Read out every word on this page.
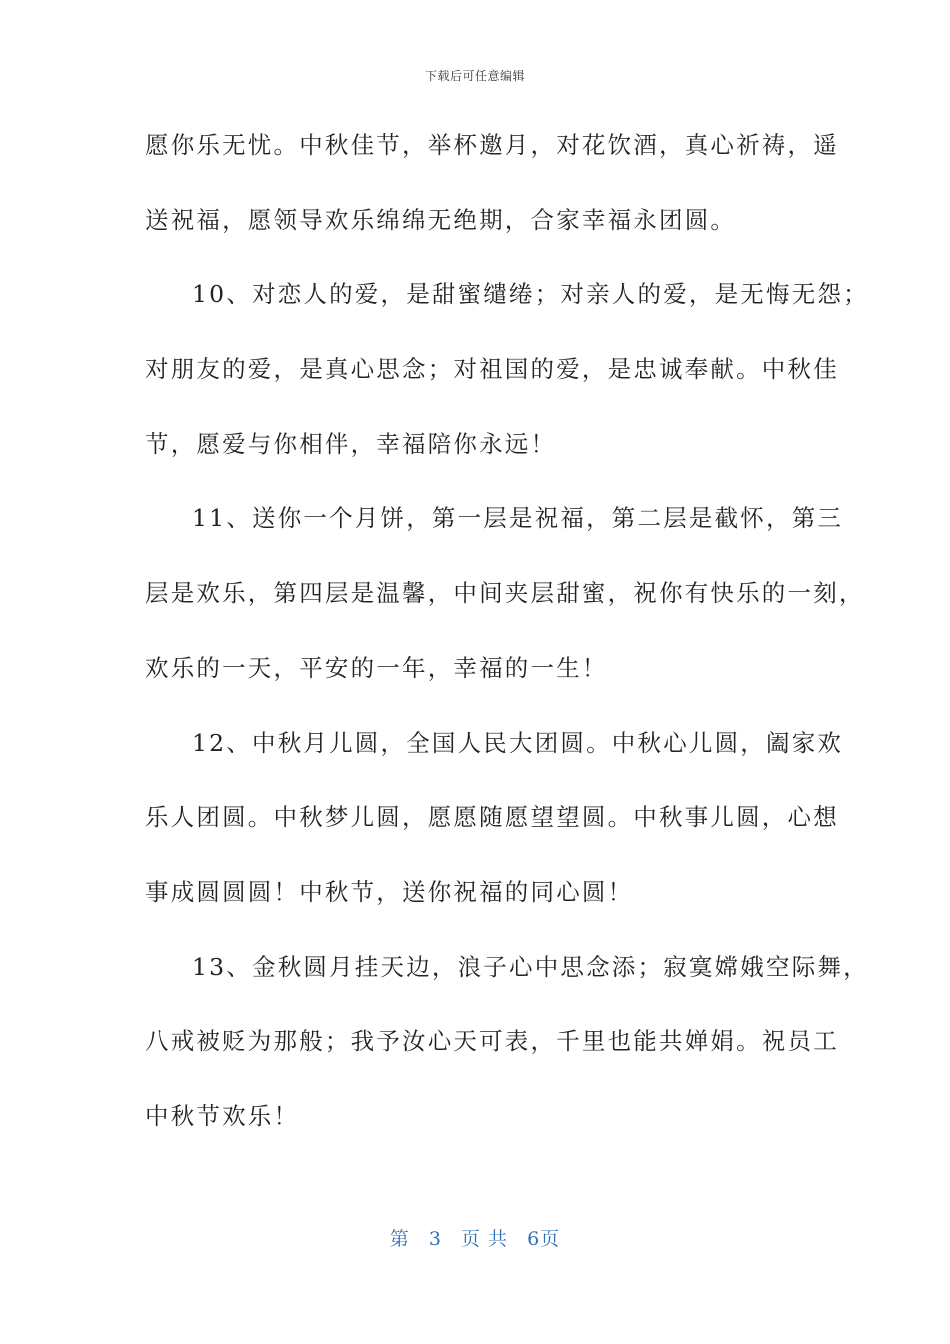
下载后可任意编辑
愿你乐无忧。中秋佳节，举杯邀月，对花饮酒，真心祈祷，遥
送祝福，愿领导欢乐绵绵无绝期，合家幸福永团圆。
10、对恋人的爱，是甜蜜缱绻；对亲人的爱，是无悔无怨；
对朋友的爱，是真心思念；对祖国的爱，是忠诚奉献。中秋佳
节，愿爱与你相伴，幸福陪你永远！
11、送你一个月饼，第一层是祝福，第二层是截怀，第三
层是欢乐，第四层是温馨，中间夹层甜蜜，祝你有快乐的一刻，
欢乐的一天，平安的一年，幸福的一生！
12、中秋月儿圆，全国人民大团圆。中秋心儿圆，阖家欢
乐人团圆。中秋梦儿圆，愿愿随愿望望圆。中秋事儿圆，心想
事成圆圆圆！中秋节，送你祝福的同心圆！
13、金秋圆月挂天边，浪子心中思念添；寂寞嫦娥空际舞，
八戒被贬为那般；我予汝心天可表，千里也能共婵娟。祝员工
中秋节欢乐！
第 3 页 共 6页
